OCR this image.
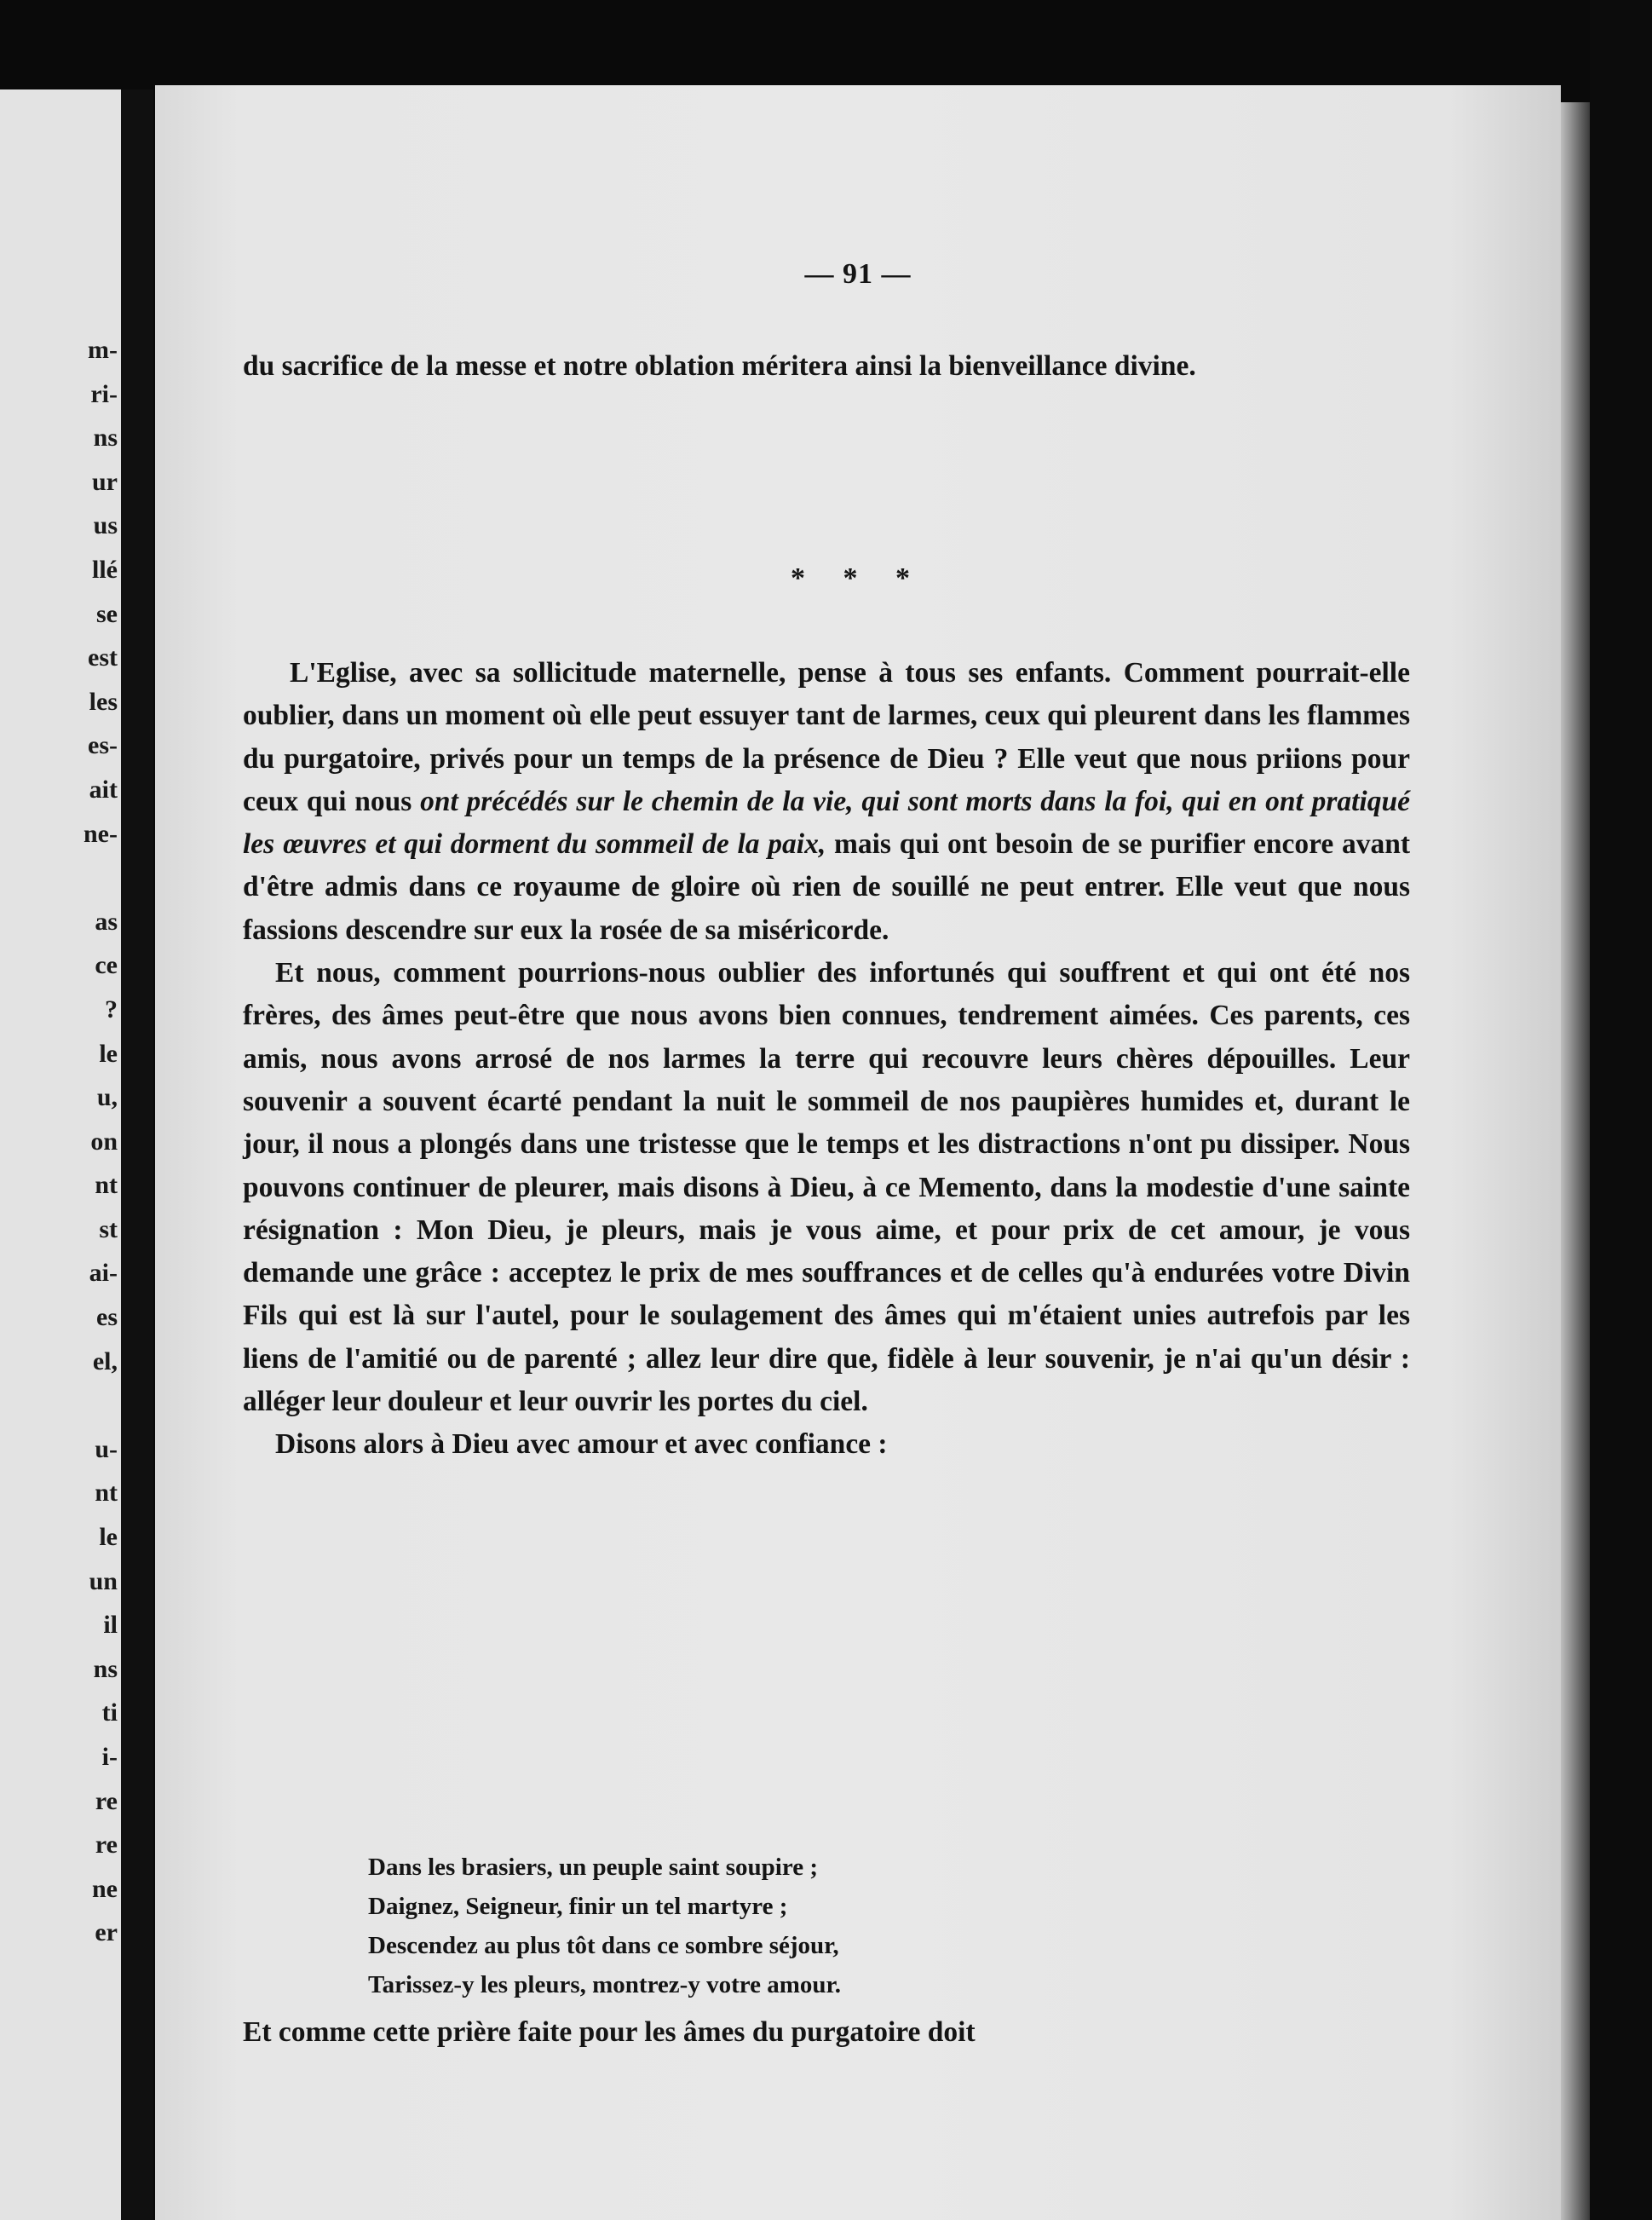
m-
ri-
ns
ur
us
llé
se
est
les
es-
ait
ne-
as
ce
?
le
u,
on
nt
st
ai-
es
el,
u-
nt
le
un
il
ns
ti
i-
re
re
ne
er
— 91 —

du sacrifice de la messe et notre oblation méritera ainsi la bienveillance divine.

* * *

L'Eglise, avec sa sollicitude maternelle, pense à tous ses enfants. Comment pourrait-elle oublier, dans un moment où elle peut essuyer tant de larmes, ceux qui pleurent dans les flammes du purgatoire, privés pour un temps de la présence de Dieu ? Elle veut que nous priions pour ceux qui nous ont précédés sur le chemin de la vie, qui sont morts dans la foi, qui en ont pratiqué les œuvres et qui dorment du sommeil de la paix, mais qui ont besoin de se purifier encore avant d'être admis dans ce royaume de gloire où rien de souillé ne peut entrer. Elle veut que nous fassions descendre sur eux la rosée de sa miséricorde.

Et nous, comment pourrions-nous oublier des infortunés qui souffrent et qui ont été nos frères, des âmes peut-être que nous avons bien connues, tendrement aimées. Ces parents, ces amis, nous avons arrosé de nos larmes la terre qui recouvre leurs chères dépouilles. Leur souvenir a souvent écarté pendant la nuit le sommeil de nos paupières humides et, durant le jour, il nous a plongés dans une tristesse que le temps et les distractions n'ont pu dissiper. Nous pouvons continuer de pleurer, mais disons à Dieu, à ce Memento, dans la modestie d'une sainte résignation : Mon Dieu, je pleurs, mais je vous aime, et pour prix de cet amour, je vous demande une grâce : acceptez le prix de mes souffrances et de celles qu'à endurées votre Divin Fils qui est là sur l'autel, pour le soulagement des âmes qui m'étaient unies autrefois par les liens de l'amitié ou de parenté ; allez leur dire que, fidèle à leur souvenir, je n'ai qu'un désir : alléger leur douleur et leur ouvrir les portes du ciel.

Disons alors à Dieu avec amour et avec confiance :

Dans les brasiers, un peuple saint soupire ;
Daignez, Seigneur, finir un tel martyre ;
Descendez au plus tôt dans ce sombre séjour,
Tarissez-y les pleurs, montrez-y votre amour.
Et comme cette prière faite pour les âmes du purgatoire doit
